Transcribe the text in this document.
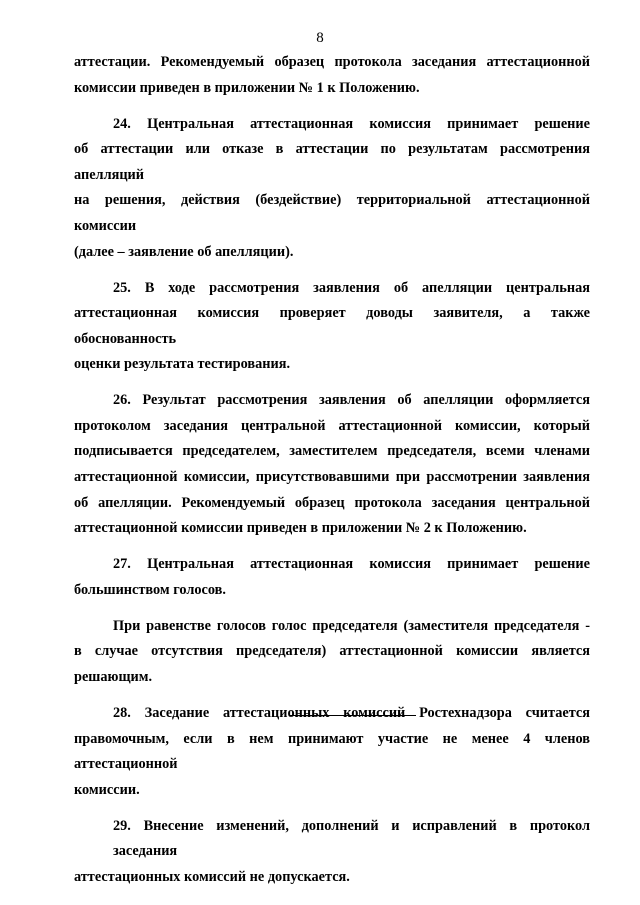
8
аттестации. Рекомендуемый образец протокола заседания аттестационной
комиссии приведен в приложении № 1 к Положению.
24. Центральная аттестационная комиссия принимает решение
об аттестации или отказе в аттестации по результатам рассмотрения апелляций
на решения, действия (бездействие) территориальной аттестационной комиссии
(далее – заявление об апелляции).
25. В ходе рассмотрения заявления об апелляции центральная
аттестационная комиссия проверяет доводы заявителя, а также обоснованность
оценки результата тестирования.
26. Результат рассмотрения заявления об апелляции оформляется
протоколом заседания центральной аттестационной комиссии, который
подписывается председателем, заместителем председателя, всеми членами
аттестационной комиссии, присутствовавшими при рассмотрении заявления
об апелляции. Рекомендуемый образец протокола заседания центральной
аттестационной комиссии приведен в приложении № 2 к Положению.
27. Центральная аттестационная комиссия принимает решение
большинством голосов.
При равенстве голосов голос председателя (заместителя председателя -
в случае отсутствия председателя) аттестационной комиссии является
решающим.
28. Заседание аттестационных комиссий Ростехнадзора считается
правомочным, если в нем принимают участие не менее 4 членов аттестационной
комиссии.
29. Внесение изменений, дополнений и исправлений в протокол заседания
аттестационных комиссий не допускается.
